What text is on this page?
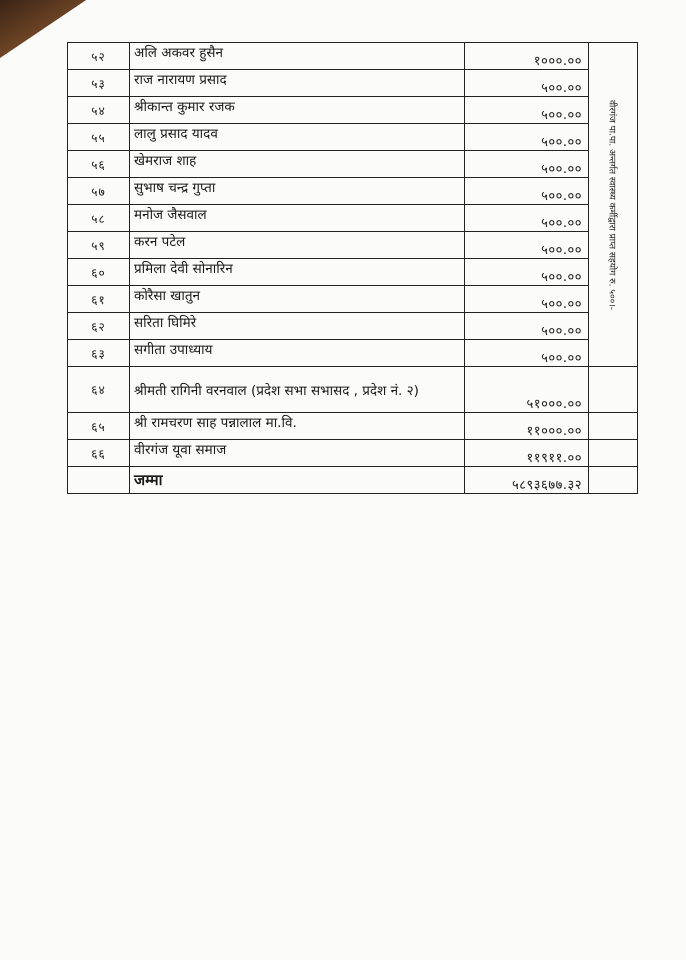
५२	अलि अकवर हुसैन	१०००.००	वीरगंज पा.पा. अन्तर्गत स्वास्थ्य कर्मीद्वारा प्राप्त सहयोग रु. ५००।-

५३	राज नारायण प्रसाद	५००.००	
५४	श्रीकान्त कुमार रजक	५००.००	
५५	लालु प्रसाद यादव	५००.००	
५६	खेमराज शाह	५००.००	
५७	सुभाष चन्द्र गुप्ता	५००.००	
५८	मनोज जैसवाल	५००.००	
५९	करन पटेल	५००.००	
६०	प्रमिला देवी सोनारिन	५००.००	
६१	कोरैसा खातुन	५००.००	
६२	सरिता घिमिरे	५००.००	
६३	सगीता उपाध्याय	५००.००	
६४	श्रीमती रागिनी वरनवाल (प्रदेश सभा सभासद , प्रदेश नं. २)	५१०००.००	
६५	श्री रामचरण साह पन्नालाल मा.वि.	११०००.००	
६६	वीरगंज यूवा समाज	११९११.००	
	जम्मा	५८९३६७७.३२	
